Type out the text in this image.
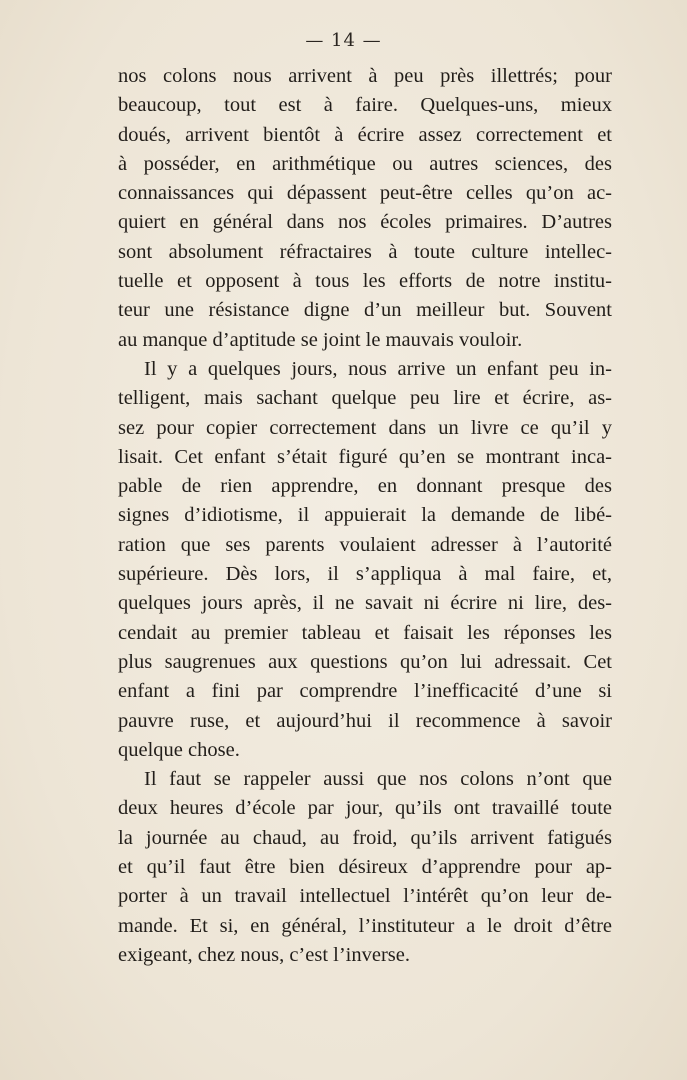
— 14 —
nos colons nous arrivent à peu près illettrés; pour
beaucoup, tout est à faire. Quelques-uns, mieux
doués, arrivent bientôt à écrire assez correctement et
à posséder, en arithmétique ou autres sciences, des
connaissances qui dépassent peut-être celles qu’on ac-
quiert en général dans nos écoles primaires. D’autres
sont absolument réfractaires à toute culture intellec-
tuelle et opposent à tous les efforts de notre institu-
teur une résistance digne d’un meilleur but. Souvent
au manque d’aptitude se joint le mauvais vouloir.
Il y a quelques jours, nous arrive un enfant peu in-
telligent, mais sachant quelque peu lire et écrire, as-
sez pour copier correctement dans un livre ce qu’il y
lisait. Cet enfant s’était figuré qu’en se montrant inca-
pable de rien apprendre, en donnant presque des
signes d’idiotisme, il appuierait la demande de libé-
ration que ses parents voulaient adresser à l’autorité
supérieure. Dès lors, il s’appliqua à mal faire, et,
quelques jours après, il ne savait ni écrire ni lire, des-
cendait au premier tableau et faisait les réponses les
plus saugrenues aux questions qu’on lui adressait. Cet
enfant a fini par comprendre l’inefficacité d’une si
pauvre ruse, et aujourd’hui il recommence à savoir
quelque chose.
Il faut se rappeler aussi que nos colons n’ont que
deux heures d’école par jour, qu’ils ont travaillé toute
la journée au chaud, au froid, qu’ils arrivent fatigués
et qu’il faut être bien désireux d’apprendre pour ap-
porter à un travail intellectuel l’intérêt qu’on leur de-
mande. Et si, en général, l’instituteur a le droit d’être
exigeant, chez nous, c’est l’inverse.
